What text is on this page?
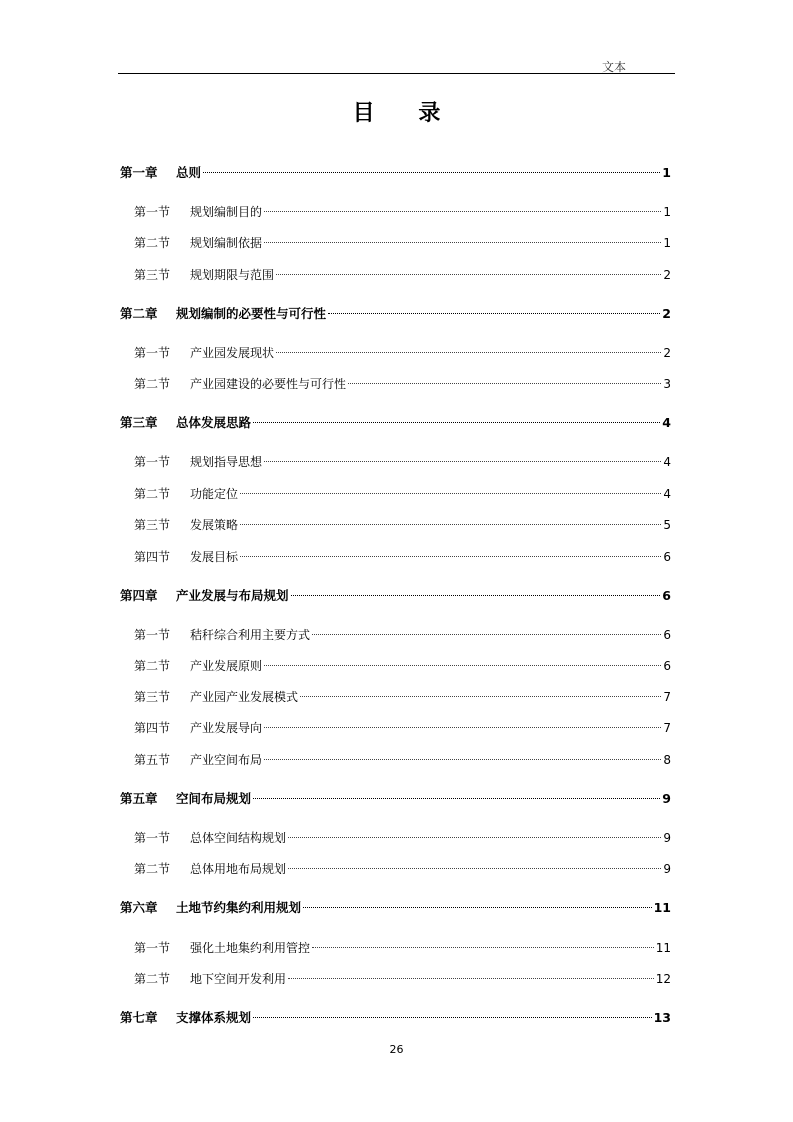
文本
目 录
第一章	总则	1
第一节	规划编制目的	1
第二节	规划编制依据	1
第三节	规划期限与范围	2
第二章	规划编制的必要性与可行性	2
第一节	产业园发展现状	2
第二节	产业园建设的必要性与可行性	3
第三章	总体发展思路	4
第一节	规划指导思想	4
第二节	功能定位	4
第三节	发展策略	5
第四节	发展目标	6
第四章	产业发展与布局规划	6
第一节	秸秆综合利用主要方式	6
第二节	产业发展原则	6
第三节	产业园产业发展模式	7
第四节	产业发展导向	7
第五节	产业空间布局	8
第五章	空间布局规划	9
第一节	总体空间结构规划	9
第二节	总体用地布局规划	9
第六章	土地节约集约利用规划	11
第一节	强化土地集约利用管控	11
第二节	地下空间开发利用	12
第七章	支撑体系规划	13
26
